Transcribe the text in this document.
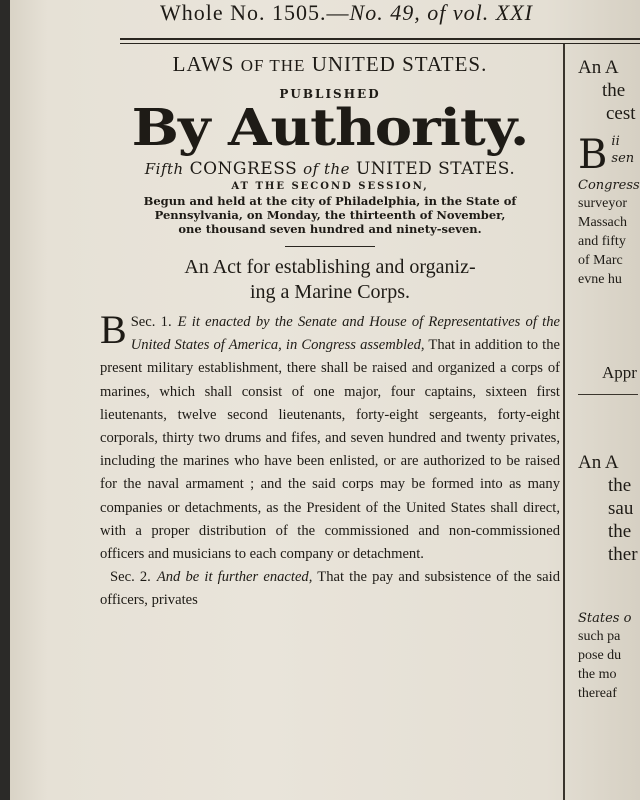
Whole No. 1505.—No. 49, of vol. XXI
LAWS OF THE UNITED STATES.
PUBLISHED
By Authority.
Fifth CONGRESS of the UNITED STATES.
AT THE SECOND SESSION,
Begun and held at the city of Philadelphia, in the State of
Pennsylvania, on Monday, the thirteenth of November,
one thousand seven hundred and ninety-seven.
An Act for establishing and organiz-
ing a Marine Corps.

Sec. 1.
B	E it enacted by the Senate and House of Representatives of the United States of America, in Congress assembled, That in addition to the present military establishment, there shall be raised and organized a corps of marines, which shall consist of one major, four captains, sixteen first lieutenants, twelve second lieutenants, forty-eight sergeants, forty-eight corporals, thirty two drums and fifes, and seven hundred and twenty privates, including the marines who have been enlisted, or are authorized to be raised for the naval armament ; and the said corps may be formed into as many companies or detachments, as the President of the United States shall direct, with a proper distribution of the commissioned and non-commissioned officers and musicians to each company or detachment.

Sec. 2. And be it further enacted, That the pay and subsistence of the said officers, privates

An A
the
cest
B ii
sen
Congress
surveyor
Massach
and fifty
of Marc
evne hu
Appr
An A
the
sau
the
ther
States o
such pa
pose du
the mo
thereaf
